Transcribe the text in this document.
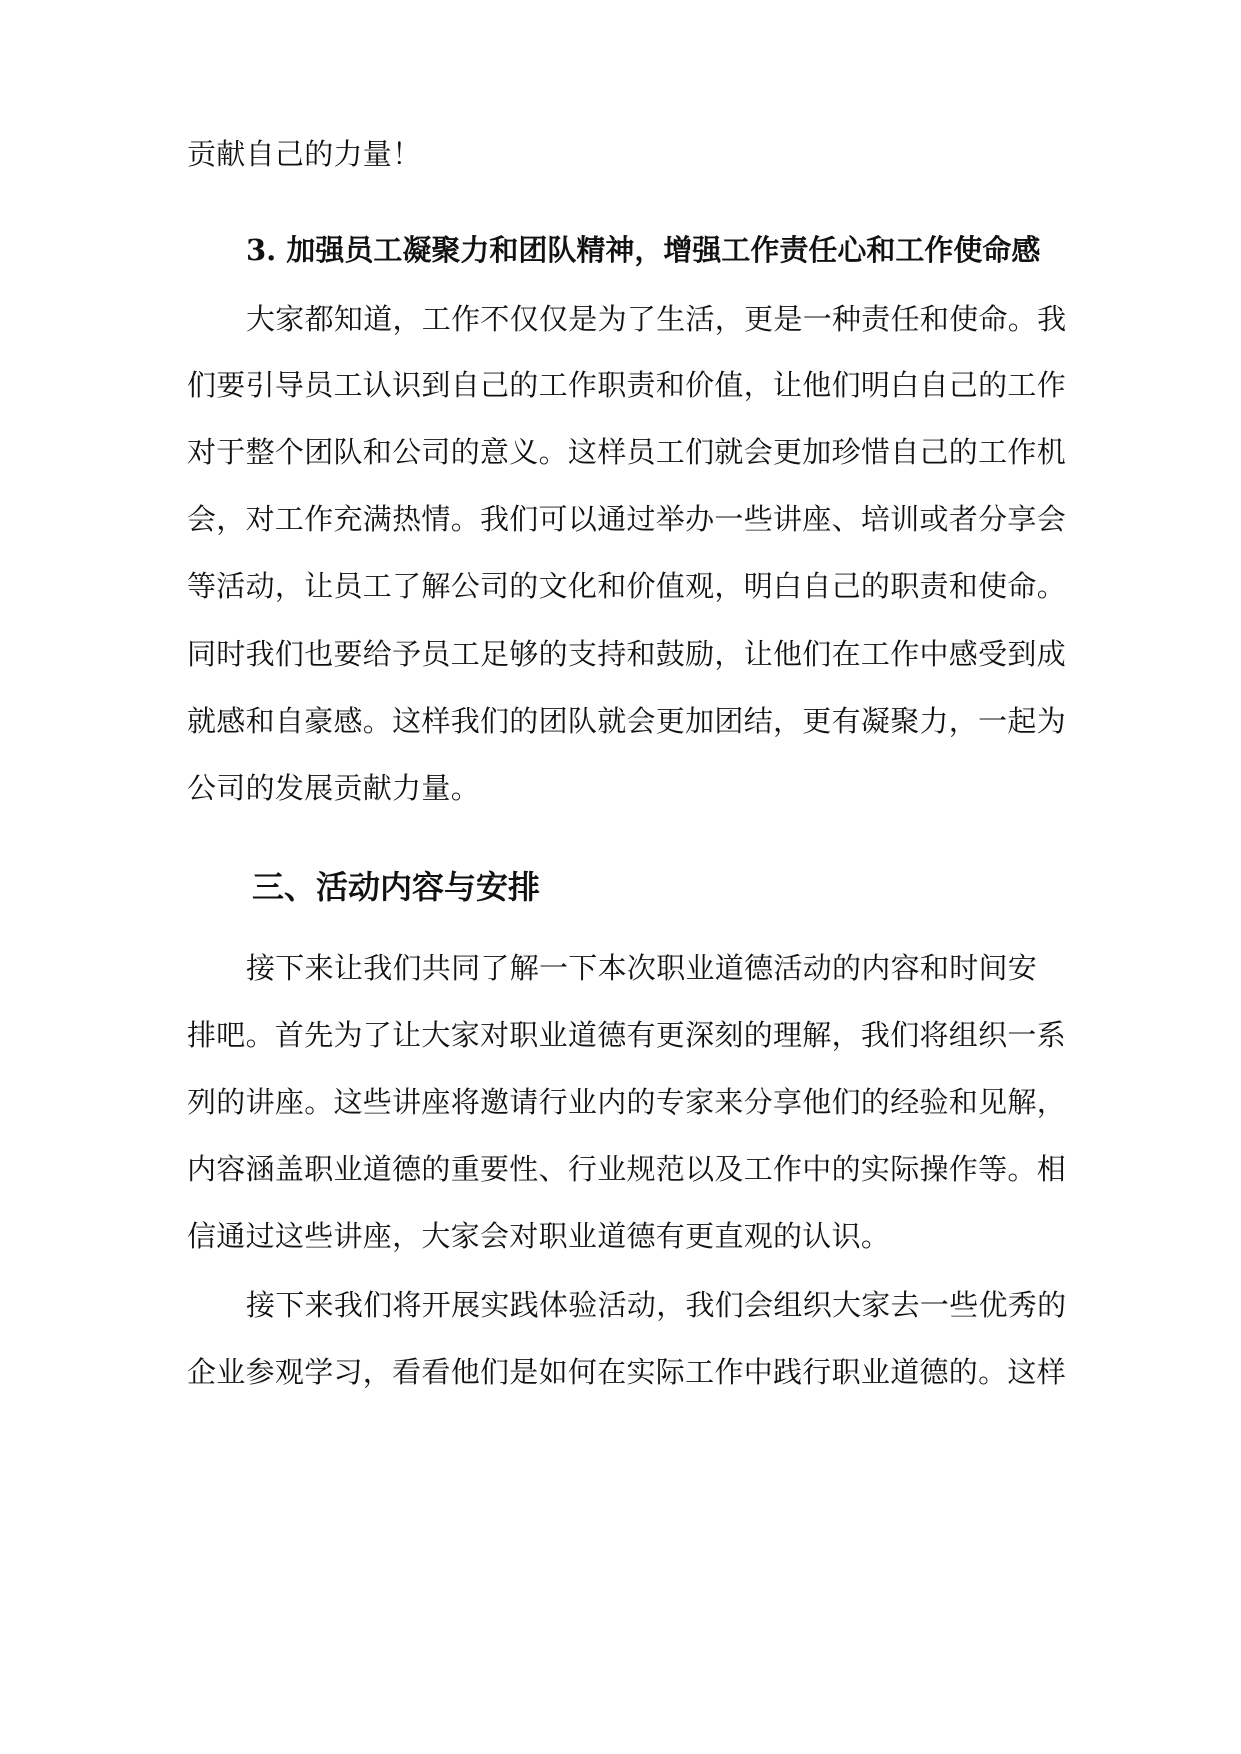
贡献自己的力量！
3. 加强员工凝聚力和团队精神，增强工作责任心和工作使命感
大家都知道，工作不仅仅是为了生活，更是一种责任和使命。我
们要引导员工认识到自己的工作职责和价值，让他们明白自己的工作
对于整个团队和公司的意义。这样员工们就会更加珍惜自己的工作机
会，对工作充满热情。我们可以通过举办一些讲座、培训或者分享会
等活动，让员工了解公司的文化和价值观，明白自己的职责和使命。
同时我们也要给予员工足够的支持和鼓励，让他们在工作中感受到成
就感和自豪感。这样我们的团队就会更加团结，更有凝聚力，一起为
公司的发展贡献力量。
三、活动内容与安排
接下来让我们共同了解一下本次职业道德活动的内容和时间安
排吧。首先为了让大家对职业道德有更深刻的理解，我们将组织一系
列的讲座。这些讲座将邀请行业内的专家来分享他们的经验和见解，
内容涵盖职业道德的重要性、行业规范以及工作中的实际操作等。相
信通过这些讲座，大家会对职业道德有更直观的认识。
接下来我们将开展实践体验活动，我们会组织大家去一些优秀的
企业参观学习，看看他们是如何在实际工作中践行职业道德的。这样
